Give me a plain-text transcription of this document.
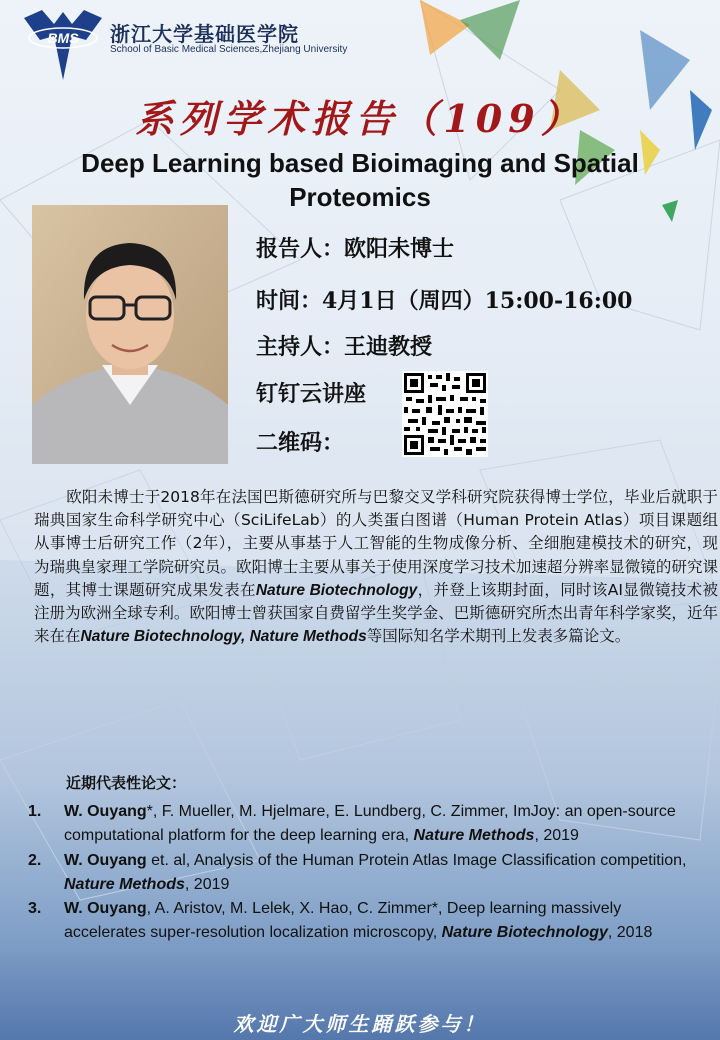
BMS 浙江大学基础医学院
School of Basic Medical Sciences,Zhejiang University
系列学术报告（109）
Deep Learning based Bioimaging and Spatial Proteomics
报告人：欧阳未博士
时间：4月1日（周四）15:00-16:00
主持人：王迪教授
钉钉云讲座
二维码：
欧阳未博士于2018年在法国巴斯德研究所与巴黎交叉学科研究院获得博士学位，毕业后就职于瑞典国家生命科学研究中心（SciLifeLab）的人类蛋白图谱（Human Protein Atlas）项目课题组从事博士后研究工作（2年），主要从事基于人工智能的生物成像分析、全细胞建模技术的研究，现为瑞典皇家理工学院研究员。欧阳博士主要从事关于使用深度学习技术加速超分辨率显微镜的研究课题，其博士课题研究成果发表在Nature Biotechnology，并登上该期封面，同时该AI显微镜技术被注册为欧洲全球专利。欧阳博士曾获国家自费留学生奖学金、巴斯德研究所杰出青年科学家奖，近年来在在Nature Biotechnology, Nature Methods等国际知名学术期刊上发表多篇论文。
近期代表性论文：
1. W. Ouyang*, F. Mueller, M. Hjelmare, E. Lundberg, C. Zimmer, ImJoy: an open-source computational platform for the deep learning era, Nature Methods, 2019
2. W. Ouyang et. al, Analysis of the Human Protein Atlas Image Classification competition, Nature Methods, 2019
3. W. Ouyang, A. Aristov, M. Lelek, X. Hao, C. Zimmer*, Deep learning massively accelerates super-resolution localization microscopy, Nature Biotechnology, 2018
欢迎广大师生踊跃参与！
